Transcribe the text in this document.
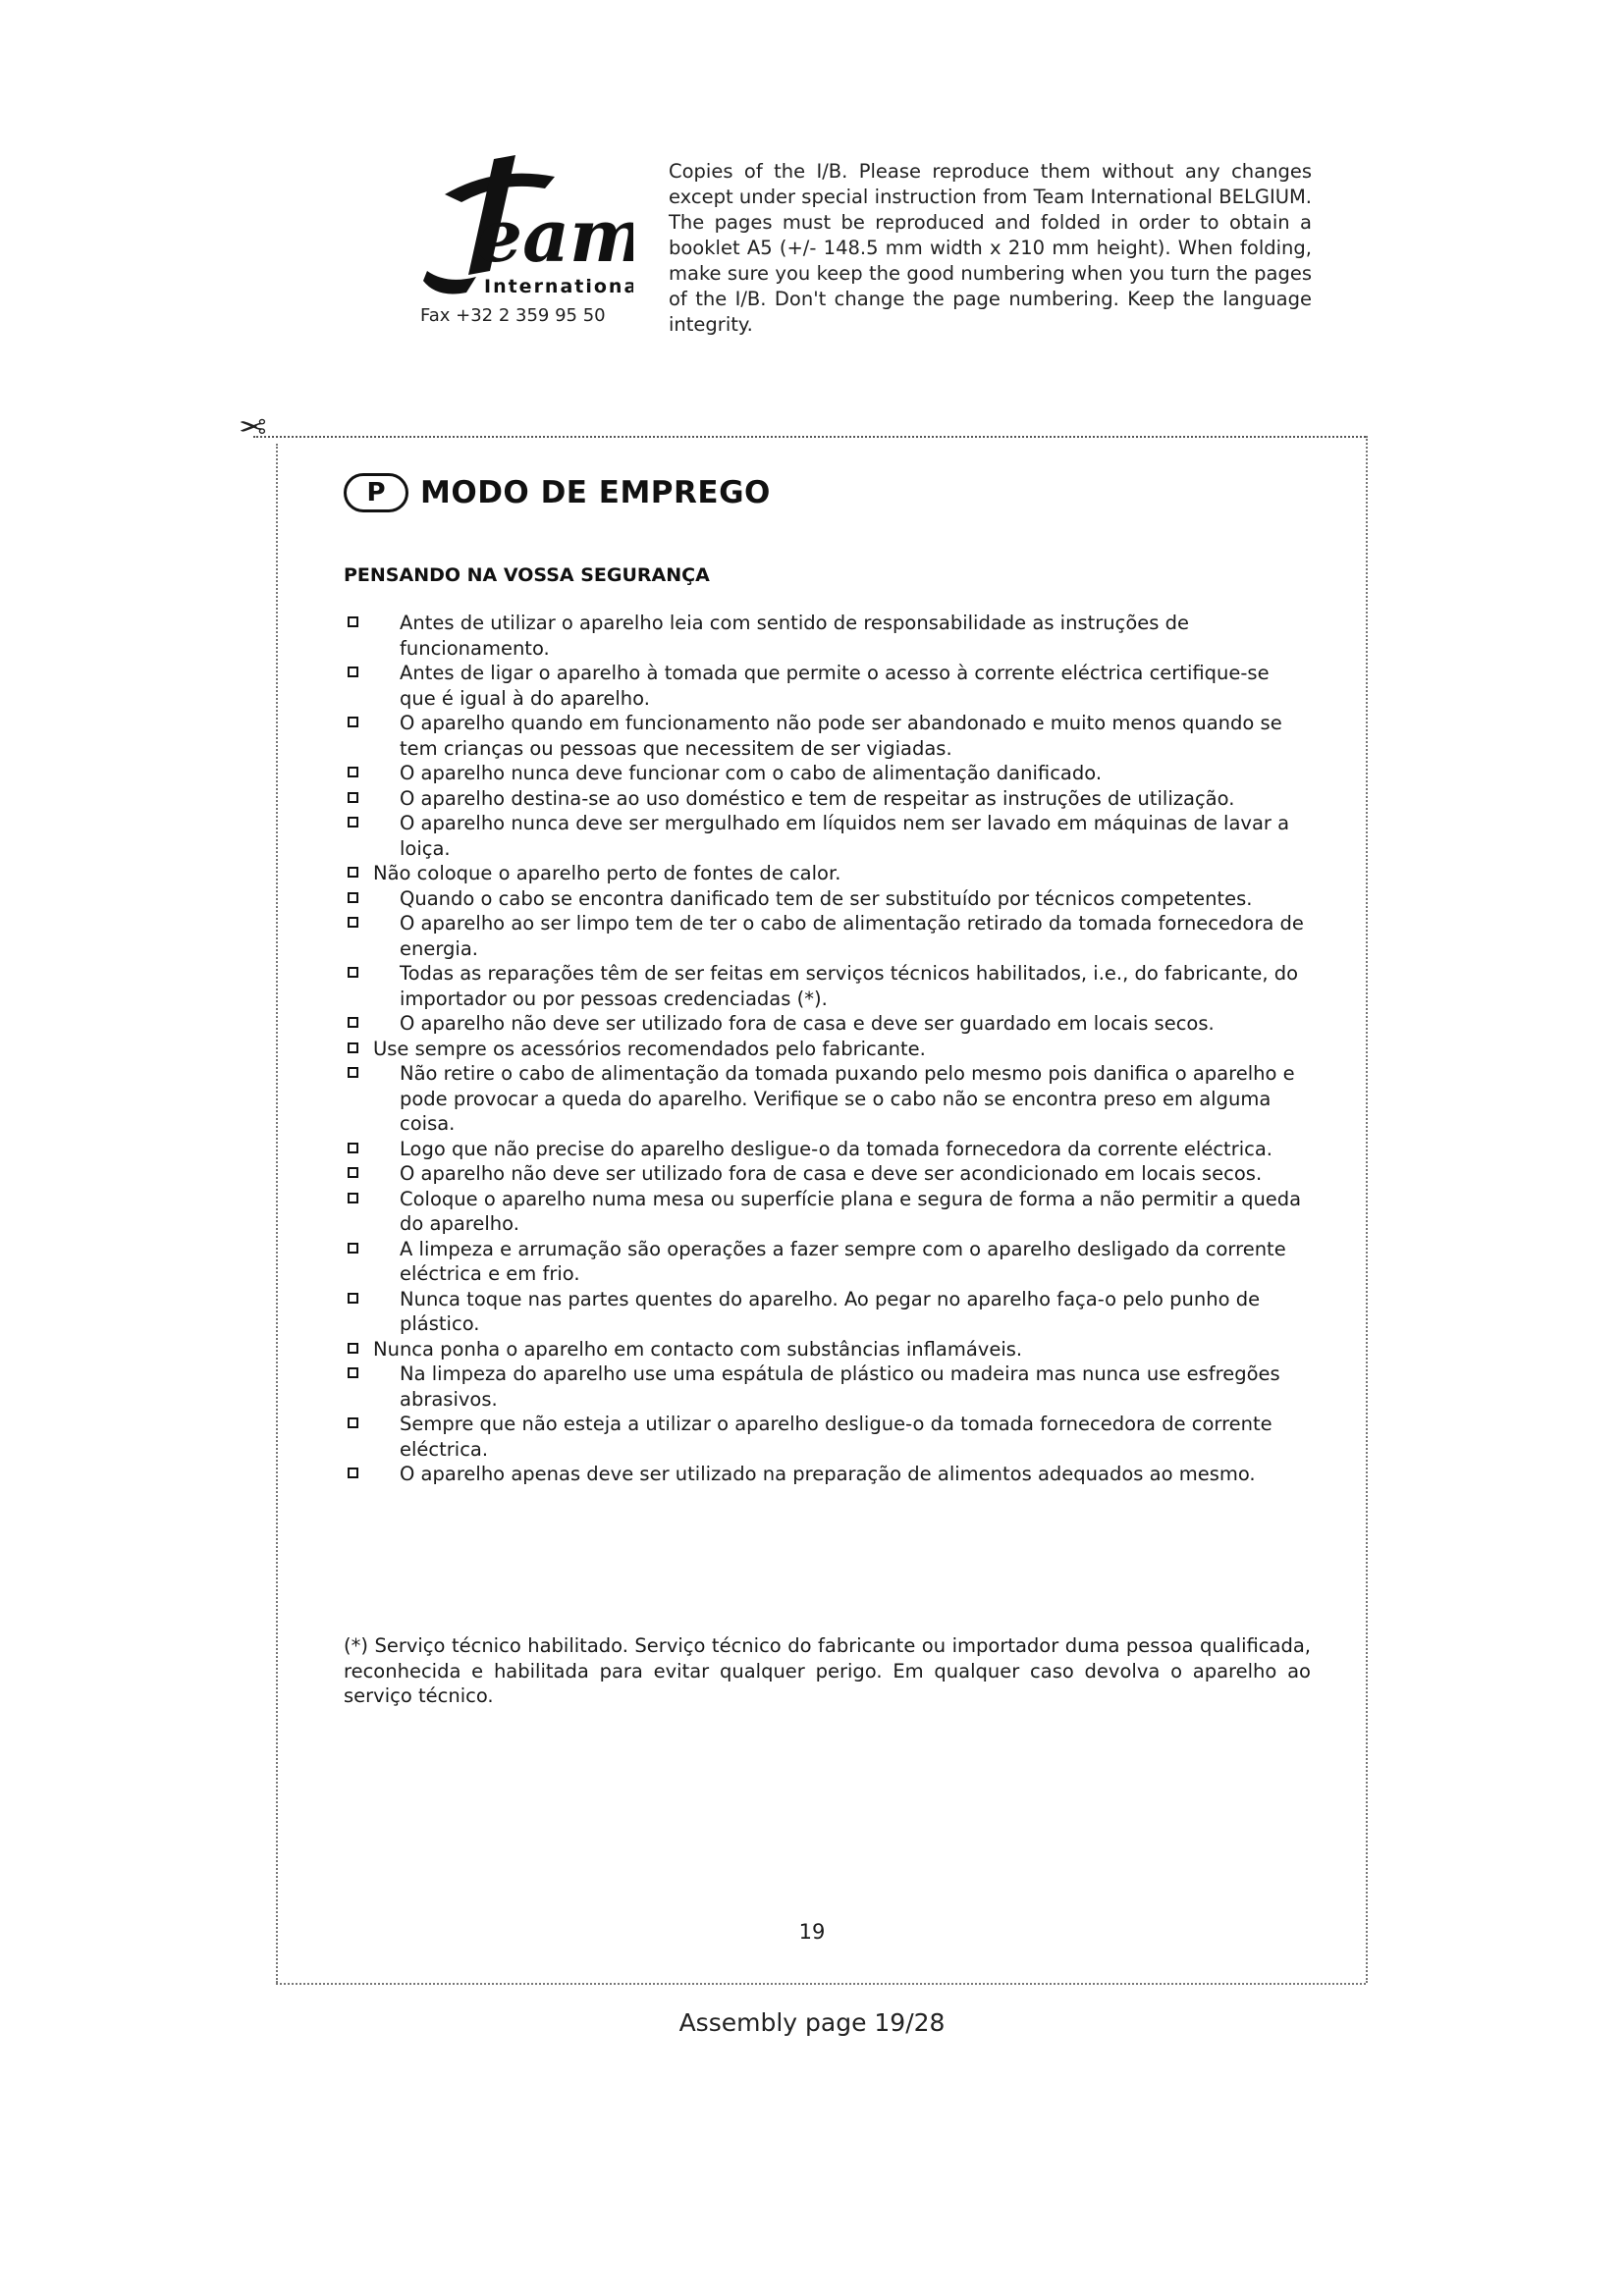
eam
International
Fax +32 2 359 95 50
Copies of the I/B. Please reproduce them without any changes except under special instruction from Team International BELGIUM. The pages must be reproduced and folded in order to obtain a booklet A5 (+/- 148.5 mm width x 210 mm height). When folding, make sure you keep the good numbering when you turn the pages of the I/B. Don't change the page numbering. Keep the language integrity.
✂
P	MODO DE EMPREGO
PENSANDO NA VOSSA SEGURANÇA
Antes de utilizar o aparelho leia com sentido de responsabilidade as instruções de funcionamento.
Antes de ligar o aparelho à tomada que permite o acesso à corrente eléctrica certifique-se que é igual à do aparelho.
O aparelho quando em funcionamento não pode ser abandonado e muito menos quando se tem crianças ou pessoas que necessitem de ser vigiadas.
O aparelho nunca deve funcionar com o cabo de alimentação danificado.
O aparelho destina-se ao uso doméstico e tem de respeitar as instruções de utilização.
O aparelho nunca deve ser mergulhado em líquidos nem ser lavado em máquinas de lavar a loiça.
Não coloque o aparelho perto de fontes de calor.
Quando o cabo se encontra danificado tem de ser substituído por técnicos competentes.
O aparelho ao ser limpo tem de ter o cabo de alimentação retirado da tomada fornecedora de energia.
Todas as reparações têm de ser feitas em serviços técnicos habilitados, i.e., do fabricante, do importador ou por pessoas credenciadas (*).
O aparelho não deve ser utilizado fora de casa e deve ser guardado em locais secos.
Use sempre os acessórios recomendados pelo fabricante.
Não retire o cabo de alimentação da tomada puxando pelo mesmo pois danifica o aparelho e pode provocar a queda do aparelho. Verifique se o cabo não se encontra preso em alguma coisa.
Logo que não precise do aparelho desligue-o da tomada fornecedora da corrente eléctrica.
O aparelho não deve ser utilizado fora de casa e deve ser acondicionado em locais secos.
Coloque o aparelho numa mesa ou superfície plana e segura de forma a não permitir a queda do aparelho.
A limpeza e arrumação são operações a fazer sempre com o aparelho desligado da corrente eléctrica e em frio.
Nunca toque nas partes quentes do aparelho. Ao pegar no aparelho faça-o pelo punho de plástico.
Nunca ponha o aparelho em contacto com substâncias inflamáveis.
Na limpeza do aparelho use uma espátula de plástico ou madeira mas nunca use esfregões abrasivos.
Sempre que não esteja a utilizar o aparelho desligue-o da tomada fornecedora de corrente eléctrica.
O aparelho apenas deve ser utilizado na preparação de alimentos adequados ao mesmo.
(*) Serviço técnico habilitado. Serviço técnico do fabricante ou importador duma pessoa qualificada, reconhecida e habilitada para evitar qualquer perigo. Em qualquer caso devolva o aparelho ao serviço técnico.
19
Assembly page 19/28
